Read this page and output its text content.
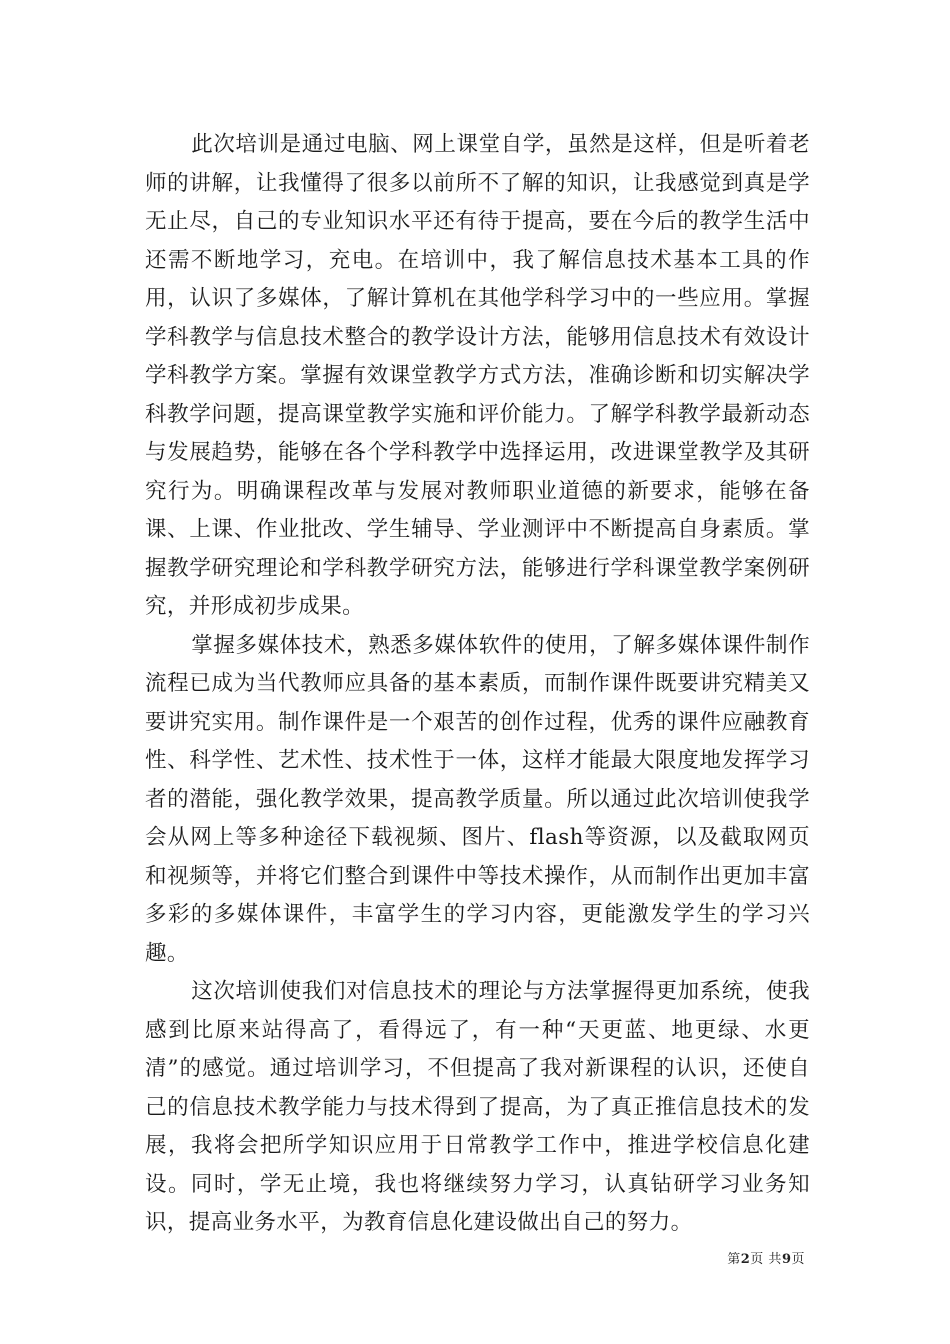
此次培训是通过电脑、网上课堂自学，虽然是这样，但是听着老师的讲解，让我懂得了很多以前所不了解的知识，让我感觉到真是学无止尽，自己的专业知识水平还有待于提高，要在今后的教学生活中还需不断地学习，充电。在培训中，我了解信息技术基本工具的作用，认识了多媒体，了解计算机在其他学科学习中的一些应用。掌握学科教学与信息技术整合的教学设计方法，能够用信息技术有效设计学科教学方案。掌握有效课堂教学方式方法，准确诊断和切实解决学科教学问题，提高课堂教学实施和评价能力。了解学科教学最新动态与发展趋势，能够在各个学科教学中选择运用，改进课堂教学及其研究行为。明确课程改革与发展对教师职业道德的新要求，能够在备课、上课、作业批改、学生辅导、学业测评中不断提高自身素质。掌握教学研究理论和学科教学研究方法，能够进行学科课堂教学案例研究，并形成初步成果。

掌握多媒体技术，熟悉多媒体软件的使用，了解多媒体课件制作流程已成为当代教师应具备的基本素质，而制作课件既要讲究精美又要讲究实用。制作课件是一个艰苦的创作过程，优秀的课件应融教育性、科学性、艺术性、技术性于一体，这样才能最大限度地发挥学习者的潜能，强化教学效果，提高教学质量。所以通过此次培训使我学会从网上等多种途径下载视频、图片、flash等资源，以及截取网页和视频等，并将它们整合到课件中等技术操作，从而制作出更加丰富多彩的多媒体课件，丰富学生的学习内容，更能激发学生的学习兴趣。

这次培训使我们对信息技术的理论与方法掌握得更加系统，使我感到比原来站得高了，看得远了，有一种“天更蓝、地更绿、水更清”的感觉。通过培训学习，不但提高了我对新课程的认识，还使自己的信息技术教学能力与技术得到了提高，为了真正推信息技术的发展，我将会把所学知识应用于日常教学工作中，推进学校信息化建设。同时，学无止境，我也将继续努力学习，认真钻研学习业务知识，提高业务水平，为教育信息化建设做出自己的努力。

第2页 共9页
